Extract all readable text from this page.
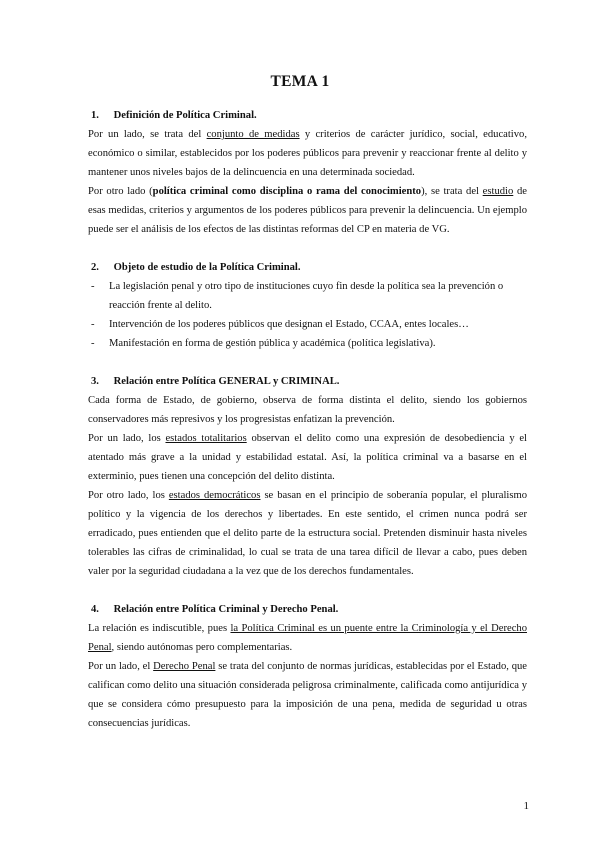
TEMA 1
1. Definición de Política Criminal.

Por un lado, se trata del conjunto de medidas y criterios de carácter jurídico, social, educativo, económico o similar, establecidos por los poderes públicos para prevenir y reaccionar frente al delito y mantener unos niveles bajos de la delincuencia en una determinada sociedad.

Por otro lado (política criminal como disciplina o rama del conocimiento), se trata del estudio de esas medidas, criterios y argumentos de los poderes públicos para prevenir la delincuencia. Un ejemplo puede ser el análisis de los efectos de las distintas reformas del CP en materia de VG.

2. Objeto de estudio de la Política Criminal.
- La legislación penal y otro tipo de instituciones cuyo fin desde la política sea la prevención o reacción frente al delito.
- Intervención de los poderes públicos que designan el Estado, CCAA, entes locales…
- Manifestación en forma de gestión pública y académica (política legislativa).
3. Relación entre Política GENERAL y CRIMINAL.

Cada forma de Estado, de gobierno, observa de forma distinta el delito, siendo los gobiernos conservadores más represivos y los progresistas enfatizan la prevención.

Por un lado, los estados totalitarios observan el delito como una expresión de desobediencia y el atentado más grave a la unidad y estabilidad estatal. Así, la política criminal va a basarse en el exterminio, pues tienen una concepción del delito distinta.

Por otro lado, los estados democráticos se basan en el principio de soberanía popular, el pluralismo político y la vigencia de los derechos y libertades. En este sentido, el crimen nunca podrá ser erradicado, pues entienden que el delito parte de la estructura social. Pretenden disminuir hasta niveles tolerables las cifras de criminalidad, lo cual se trata de una tarea difícil de llevar a cabo, pues deben valer por la seguridad ciudadana a la vez que de los derechos fundamentales.

4. Relación entre Política Criminal y Derecho Penal.

La relación es indiscutible, pues la Política Criminal es un puente entre la Criminología y el Derecho Penal, siendo autónomas pero complementarias.

Por un lado, el Derecho Penal se trata del conjunto de normas jurídicas, establecidas por el Estado, que califican como delito una situación considerada peligrosa criminalmente, calificada como antijurídica y que se considera cómo presupuesto para la imposición de una pena, medida de seguridad u otras consecuencias jurídicas.

1
